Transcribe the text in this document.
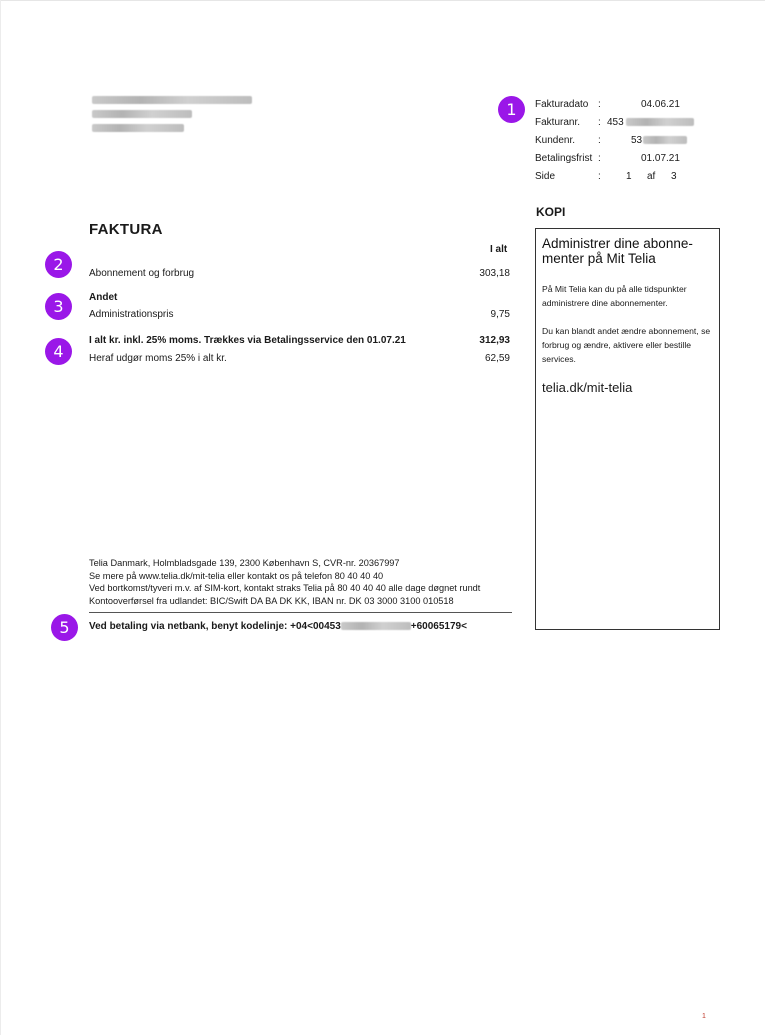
1
2
3
4
5
Fakturadato :	04.06.21
Fakturanr. : 453
Kundenr. :	53
Betalingsfrist :	01.07.21
Side	:	1 af 3
KOPI
Administrer dine abonne-menter på Mit Telia

På Mit Telia kan du på alle tidspunkter administrere dine abonnementer.

Du kan blandt andet ændre abonnement, se forbrug og ændre, aktivere eller bestille services.

telia.dk/mit-telia
FAKTURA
I alt
Abonnement og forbrug	303,18
Andet
Administrationspris	9,75
I alt kr. inkl. 25% moms. Trækkes via Betalingsservice den 01.07.21	312,93
Heraf udgør moms 25% i alt kr.	62,59
Telia Danmark, Holmbladsgade 139, 2300 København S, CVR-nr. 20367997
Se mere på www.telia.dk/mit-telia eller kontakt os på telefon 80 40 40 40
Ved bortkomst/tyveri m.v. af SIM-kort, kontakt straks Telia på 80 40 40 40 alle dage døgnet rundt
Kontooverførsel fra udlandet: BIC/Swift DA BA DK KK, IBAN nr. DK 03 3000 3100 010518
Ved betaling via netbank, benyt kodelinje: +04<00453	+60065179<
1
